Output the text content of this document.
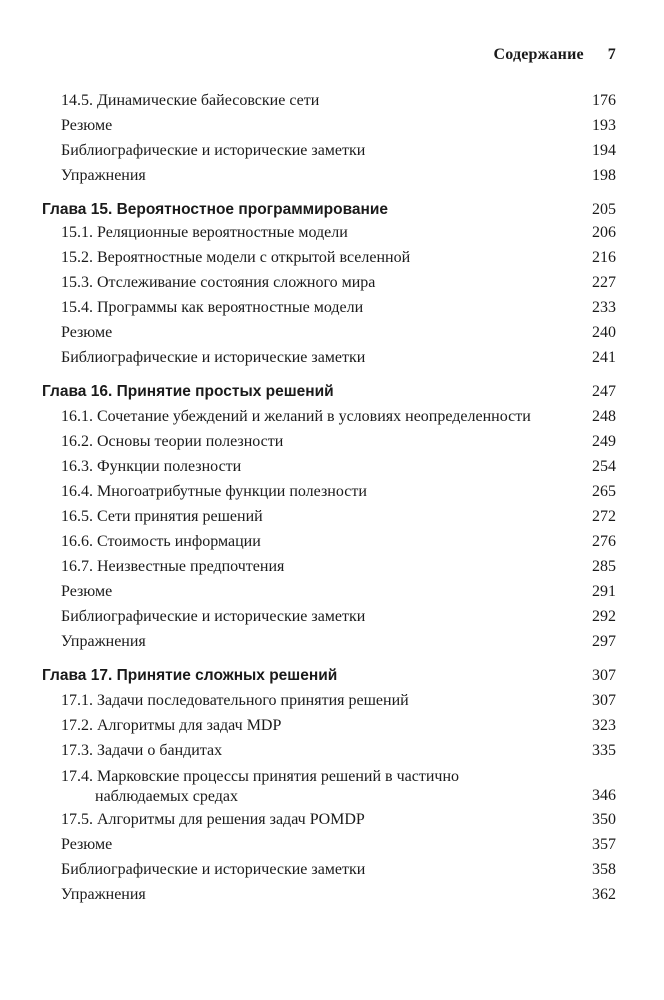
Содержание 7
14.5. Динамические байесовские сети	176
Резюме	193
Библиографические и исторические заметки	194
Упражнения	198
Глава 15. Вероятностное программирование	205
15.1. Реляционные вероятностные модели	206
15.2. Вероятностные модели с открытой вселенной	216
15.3. Отслеживание состояния сложного мира	227
15.4. Программы как вероятностные модели	233
Резюме	240
Библиографические и исторические заметки	241
Глава 16. Принятие простых решений	247
16.1. Сочетание убеждений и желаний в условиях неопределенности	248
16.2. Основы теории полезности	249
16.3. Функции полезности	254
16.4. Многоатрибутные функции полезности	265
16.5. Сети принятия решений	272
16.6. Стоимость информации	276
16.7. Неизвестные предпочтения	285
Резюме	291
Библиографические и исторические заметки	292
Упражнения	297
Глава 17. Принятие сложных решений	307
17.1. Задачи последовательного принятия решений	307
17.2. Алгоритмы для задач MDP	323
17.3. Задачи о бандитах	335
17.4. Марковские процессы принятия решений в частично
наблюдаемых средах	346
17.5. Алгоритмы для решения задач POMDP	350
Резюме	357
Библиографические и исторические заметки	358
Упражнения	362
